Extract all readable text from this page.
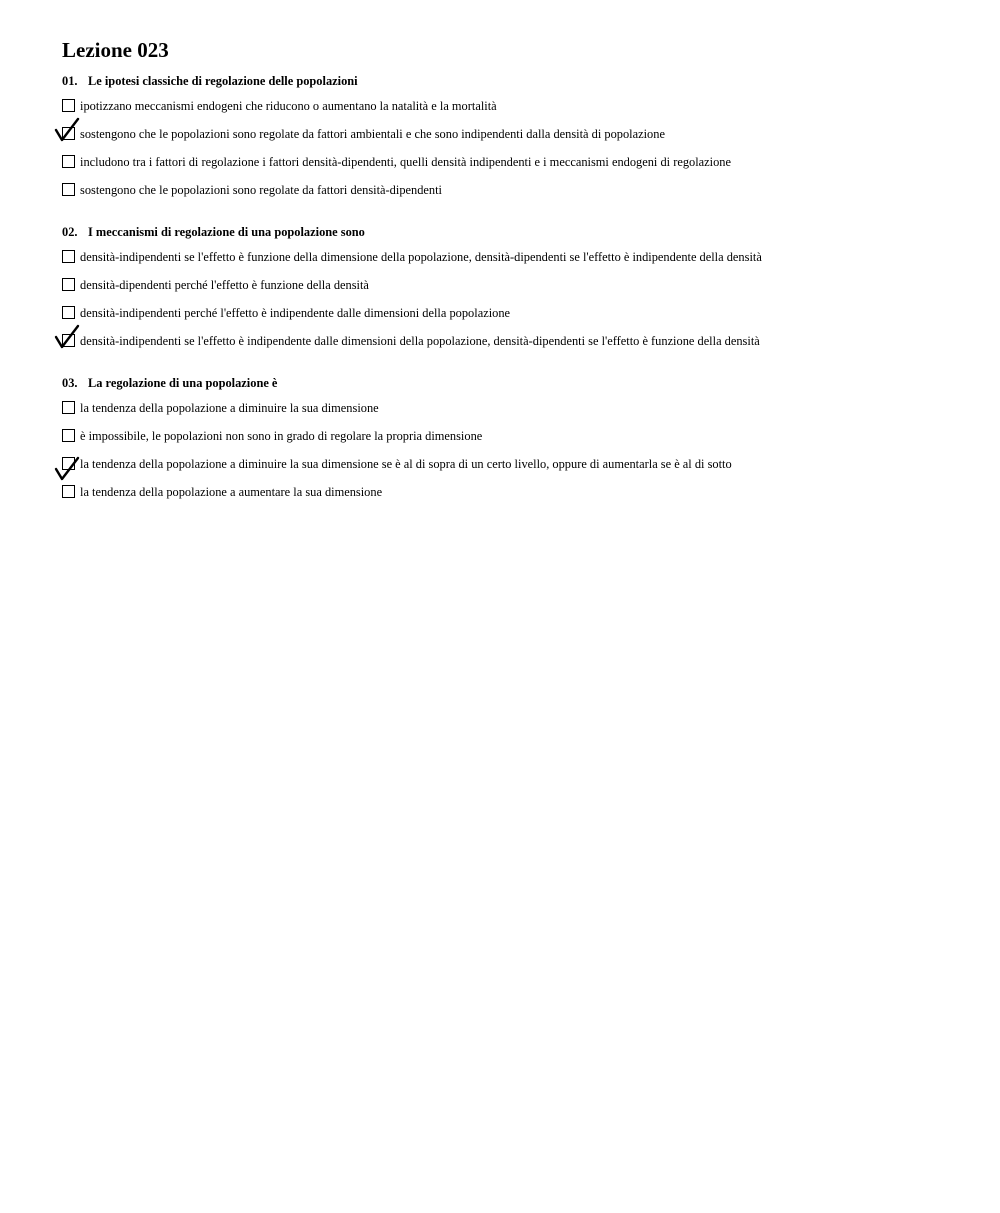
Lezione 023
01. Le ipotesi classiche di regolazione delle popolazioni
ipotizzano meccanismi endogeni che riducono o aumentano la natalità e la mortalità
sostengono che le popolazioni sono regolate da fattori ambientali e che sono indipendenti dalla densità di popolazione
includono tra i fattori di regolazione i fattori densità-dipendenti, quelli densità indipendenti e i meccanismi endogeni di regolazione
sostengono che le popolazioni sono regolate da fattori densità-dipendenti
02. I meccanismi di regolazione di una popolazione sono
densità-indipendenti se l'effetto è funzione della dimensione della popolazione, densità-dipendenti se l'effetto è indipendente della densità
densità-dipendenti perché l'effetto è funzione della densità
densità-indipendenti perché l'effetto è indipendente dalle dimensioni della popolazione
densità-indipendenti se l'effetto è indipendente dalle dimensioni della popolazione, densità-dipendenti se l'effetto è funzione della densità
03. La regolazione di una popolazione è
la tendenza della popolazione a diminuire la sua dimensione
è impossibile, le popolazioni non sono in grado di regolare la propria dimensione
la tendenza della popolazione a diminuire la sua dimensione se è al di sopra di un certo livello, oppure di aumentarla se è al di sotto
la tendenza della popolazione a aumentare la sua dimensione
